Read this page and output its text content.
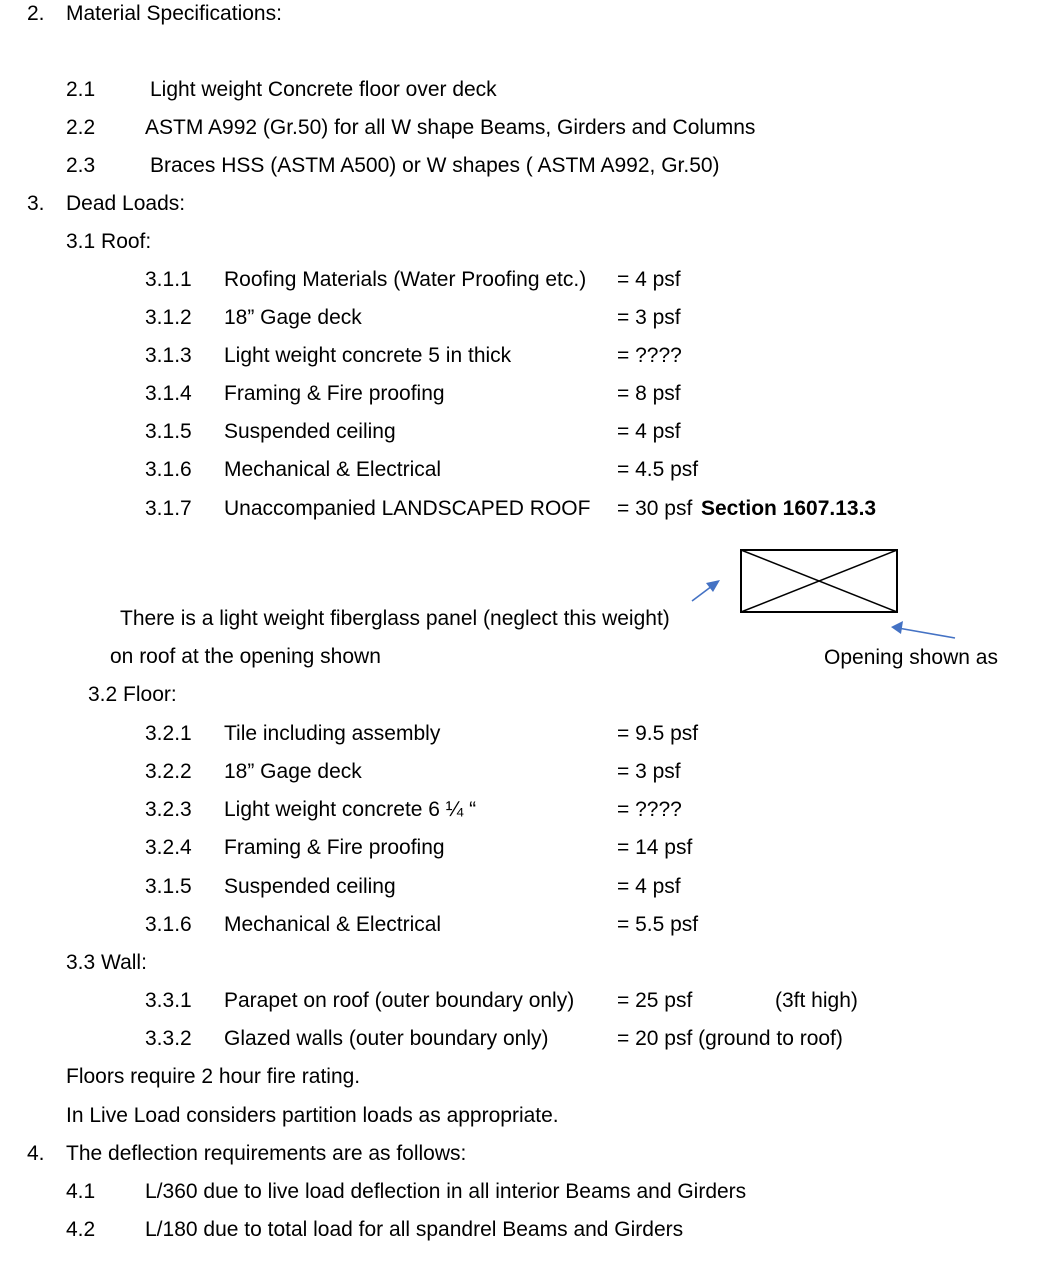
2. Material Specifications:
2.1	Light weight Concrete floor over deck
2.2 ASTM A992 (Gr.50) for all W shape Beams, Girders and Columns
2.3	Braces HSS (ASTM A500) or W shapes ( ASTM A992, Gr.50)
3. Dead Loads:
3.1 Roof:
3.1.1 Roofing Materials (Water Proofing etc.) = 4 psf
3.1.2 18” Gage deck	= 3 psf
3.1.3 Light weight concrete 5 in thick	= ????
3.1.4 Framing & Fire proofing	= 8 psf
3.1.5 Suspended ceiling	= 4 psf
3.1.6 Mechanical & Electrical	= 4.5 psf
3.1.7 Unaccompanied LANDSCAPED ROOF = 30 psf Section 1607.13.3
There is a light weight fiberglass panel (neglect this weight)
on roof at the opening shown	Opening shown as
3.2 Floor:
3.2.1 Tile including assembly	= 9.5 psf
3.2.2 18” Gage deck	= 3 psf
3.2.3 Light weight concrete 6 ¼ “	= ????
3.2.4 Framing & Fire proofing	= 14 psf
3.1.5 Suspended ceiling	= 4 psf
3.1.6 Mechanical & Electrical	= 5.5 psf
3.3 Wall:
3.3.1 Parapet on roof (outer boundary only) = 25 psf	(3ft high)
3.3.2 Glazed walls (outer boundary only)	= 20 psf (ground to roof)
Floors require 2 hour fire rating.
In Live Load considers partition loads as appropriate.
4. The deflection requirements are as follows:
4.1 L/360 due to live load deflection in all interior Beams and Girders
4.2 L/180 due to total load for all spandrel Beams and Girders
